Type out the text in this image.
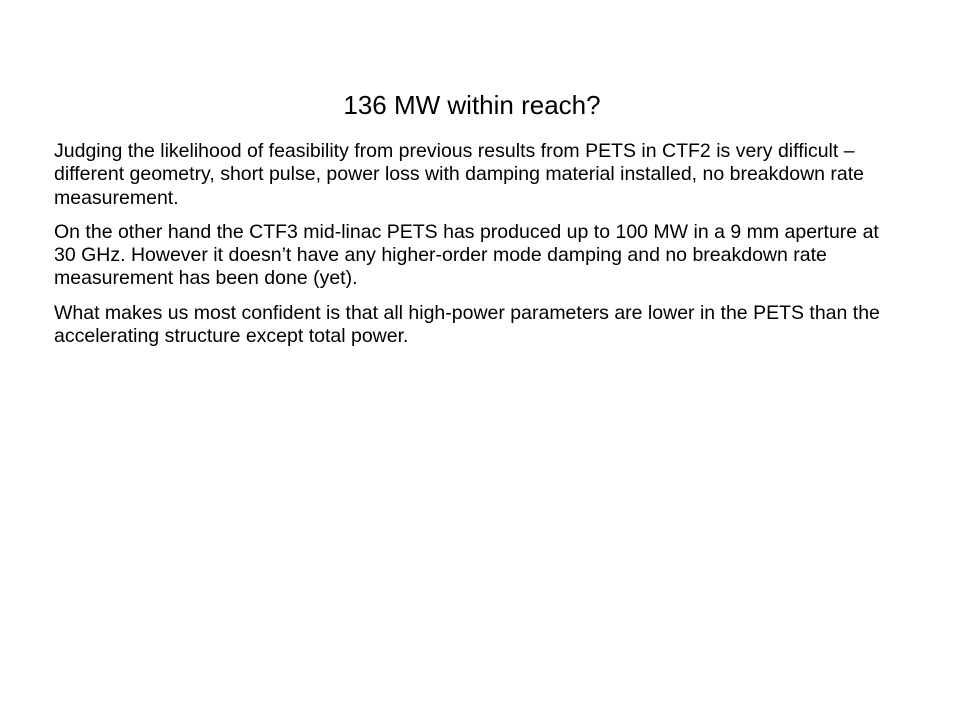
136 MW within reach?

Judging the likelihood of feasibility from previous results from PETS in CTF2 is very difficult – different geometry, short pulse, power loss with damping material installed, no breakdown rate measurement.

On the other hand the CTF3 mid-linac PETS has produced up to 100 MW in a 9 mm aperture at 30 GHz. However it doesn’t have any higher-order mode damping and no breakdown rate measurement has been done (yet).

What makes us most confident is that all high-power parameters are lower in the PETS than the accelerating structure except total power.
